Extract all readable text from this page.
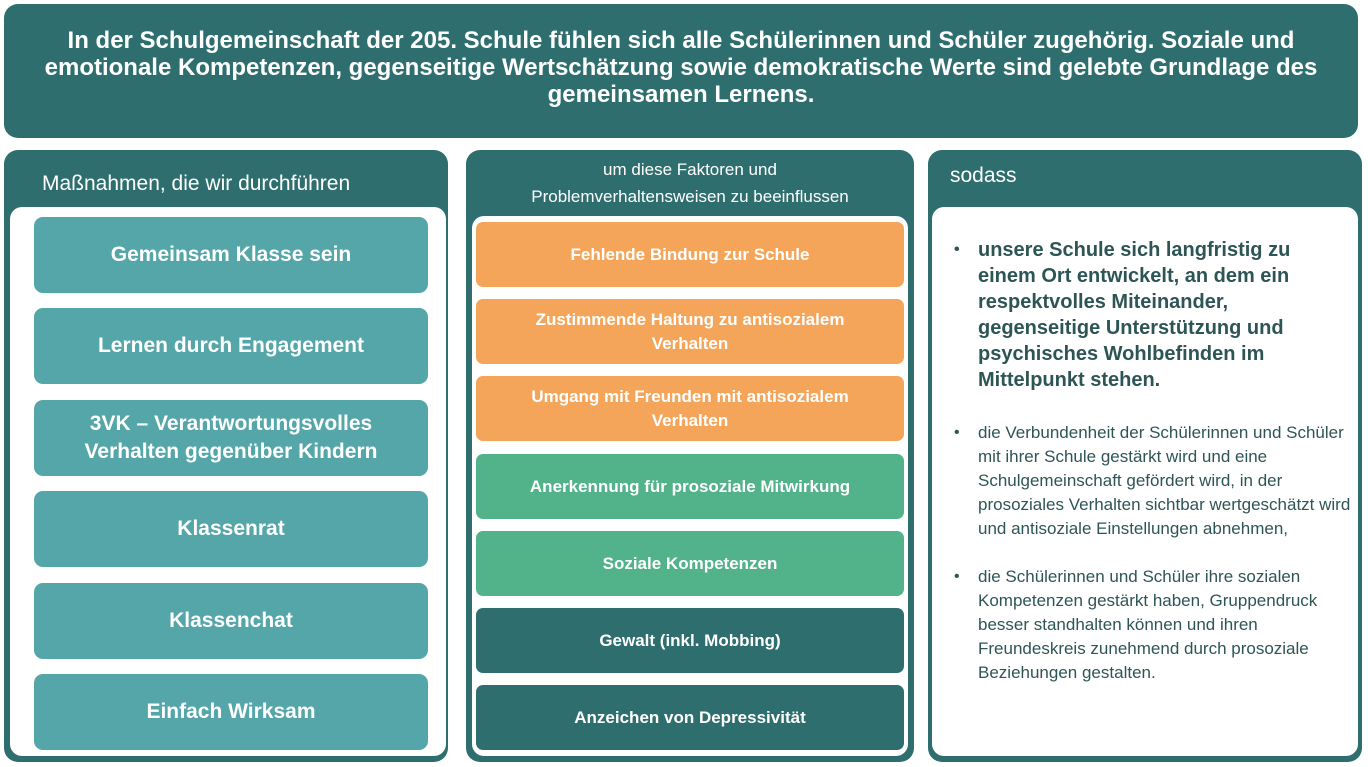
In der Schulgemeinschaft der 205. Schule fühlen sich alle Schülerinnen und Schüler zugehörig. Soziale und emotionale Kompetenzen, gegenseitige Wertschätzung sowie demokratische Werte sind gelebte Grundlage des gemeinsamen Lernens.
Maßnahmen, die wir durchführen
Gemeinsam Klasse sein
Lernen durch Engagement
3VK – Verantwortungsvolles Verhalten gegenüber Kindern
Klassenrat
Klassenchat
Einfach Wirksam
um diese Faktoren und Problemverhaltensweisen zu beeinflussen
Fehlende Bindung zur Schule
Zustimmende Haltung zu antisozialem Verhalten
Umgang mit Freunden mit antisozialem Verhalten
Anerkennung für prosoziale Mitwirkung
Soziale Kompetenzen
Gewalt (inkl. Mobbing)
Anzeichen von Depressivität
sodass
• unsere Schule sich langfristig zu einem Ort entwickelt, an dem ein respektvolles Miteinander, gegenseitige Unterstützung und psychisches Wohlbefinden im Mittelpunkt stehen.
• die Verbundenheit der Schülerinnen und Schüler mit ihrer Schule gestärkt wird und eine Schulgemeinschaft gefördert wird, in der prosoziales Verhalten sichtbar wertgeschätzt wird und antisoziale Einstellungen abnehmen,
• die Schülerinnen und Schüler ihre sozialen Kompetenzen gestärkt haben, Gruppendruck besser standhalten können und ihren Freundeskreis zunehmend durch prosoziale Beziehungen gestalten.
